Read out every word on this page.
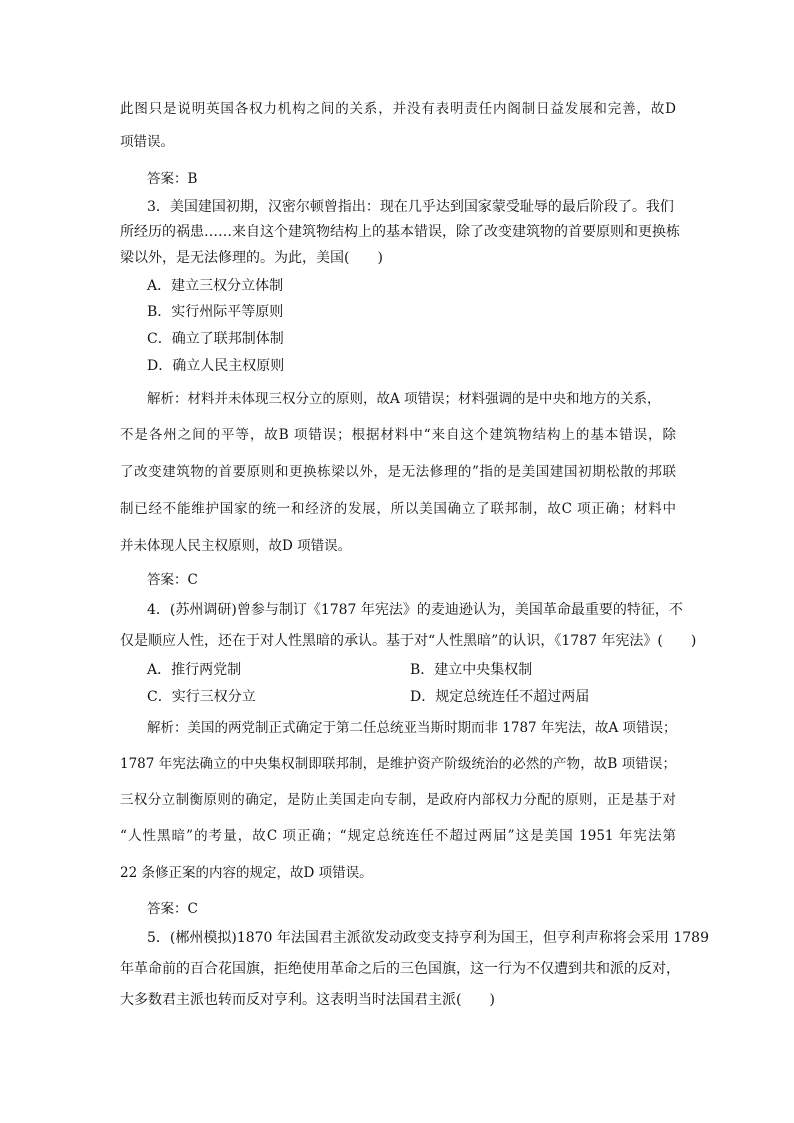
此图只是说明英国各权力机构之间的关系，并没有表明责任内阁制日益发展和完善，故D
项错误。
答案：B
3．美国建国初期，汉密尔顿曾指出：现在几乎达到国家蒙受耻辱的最后阶段了。我们
所经历的祸患……来自这个建筑物结构上的基本错误，除了改变建筑物的首要原则和更换栋
梁以外，是无法修理的。为此，美国(　　)
A．建立三权分立体制
B．实行州际平等原则
C．确立了联邦制体制
D．确立人民主权原则
解析：材料并未体现三权分立的原则，故A 项错误；材料强调的是中央和地方的关系，
不是各州之间的平等，故B 项错误；根据材料中“来自这个建筑物结构上的基本错误，除
了改变建筑物的首要原则和更换栋梁以外，是无法修理的”指的是美国建国初期松散的邦联
制已经不能维护国家的统一和经济的发展，所以美国确立了联邦制，故C 项正确；材料中
并未体现人民主权原则，故D 项错误。
答案：C
4．(苏州调研)曾参与制订《1787 年宪法》的麦迪逊认为，美国革命最重要的特征，不
仅是顺应人性，还在于对人性黑暗的承认。基于对“人性黑暗”的认识，《1787 年宪法》(　　)
A．推行两党制	B．建立中央集权制
C．实行三权分立	D．规定总统连任不超过两届
解析：美国的两党制正式确定于第二任总统亚当斯时期而非 1787 年宪法，故A 项错误；
1787 年宪法确立的中央集权制即联邦制，是维护资产阶级统治的必然的产物，故B 项错误；
三权分立制衡原则的确定，是防止美国走向专制，是政府内部权力分配的原则，正是基于对
“人性黑暗”的考量，故C 项正确；“规定总统连任不超过两届”这是美国 1951 年宪法第
22 条修正案的内容的规定，故D 项错误。
答案：C
5．(郴州模拟)1870 年法国君主派欲发动政变支持亨利为国王，但亨利声称将会采用 1789
年革命前的百合花国旗，拒绝使用革命之后的三色国旗，这一行为不仅遭到共和派的反对，
大多数君主派也转而反对亨利。这表明当时法国君主派(　　)
